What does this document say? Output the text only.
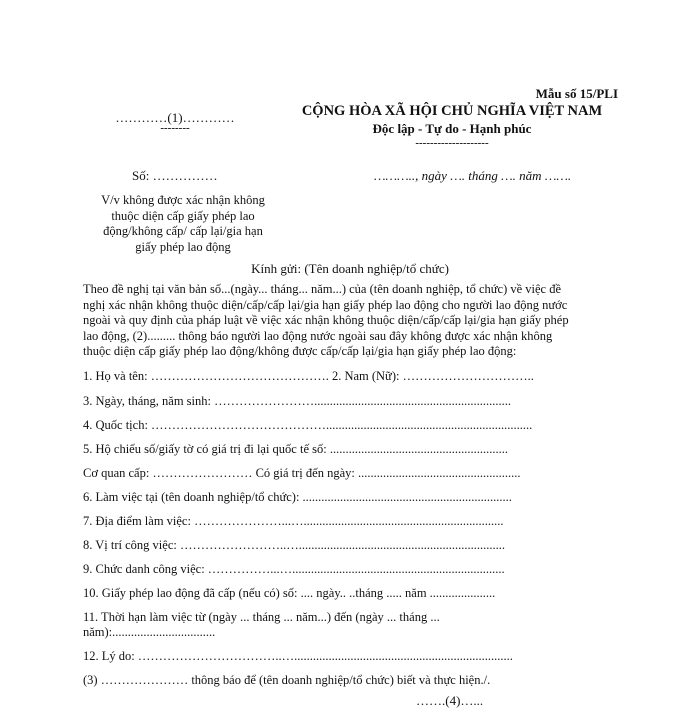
Mẫu số 15/PLI
…………(1)…………
--------
CỘNG HÒA XÃ HỘI CHỦ NGHĨA VIỆT NAM
Độc lập - Tự do - Hạnh phúc
--------------------
Số: ……………	……….., ngày …. tháng …. năm …….
V/v không được xác nhận không
thuộc diện cấp giấy phép lao
động/không cấp/ cấp lại/gia hạn
giấy phép lao động
Kính gửi: (Tên doanh nghiệp/tổ chức)
Theo đề nghị tại văn bản số...(ngày... tháng... năm...) của (tên doanh nghiệp, tổ chức) về việc đề
nghị xác nhận không thuộc diện/cấp/cấp lại/gia hạn giấy phép lao động cho người lao động nước
ngoài và quy định của pháp luật về việc xác nhận không thuộc diện/cấp/cấp lại/gia hạn giấy phép
lao động, (2)......... thông báo người lao động nước ngoài sau đây không được xác nhận không
thuộc diện cấp giấy phép lao động/không được cấp/cấp lại/gia hạn giấy phép lao động:
1. Họ và tên: ……………………………………. 2. Nam (Nữ): …………………………..
3. Ngày, tháng, năm sinh: ……………………...............................................................
4. Quốc tịch: ……………………………………..................................................................
5. Hộ chiếu số/giấy tờ có giá trị đi lại quốc tế số: .........................................................
Cơ quan cấp: …………………… Có giá trị đến ngày: ....................................................
6. Làm việc tại (tên doanh nghiệp/tổ chức): ...................................................................
7. Địa điểm làm việc: …………………...…................................................................
8. Vị trí công việc: ……………………..…..................................................................
9. Chức danh công việc: ……………...…....................................................................
10. Giấy phép lao động đã cấp (nếu có) số: .... ngày.. ..tháng ..... năm .....................
11. Thời hạn làm việc từ (ngày ... tháng ... năm...) đến (ngày ... tháng ...
năm):.................................
12. Lý do: ……………………………..…......................................................................
(3) ………………… thông báo để (tên doanh nghiệp/tổ chức) biết và thực hiện./.
…….(4)…...
